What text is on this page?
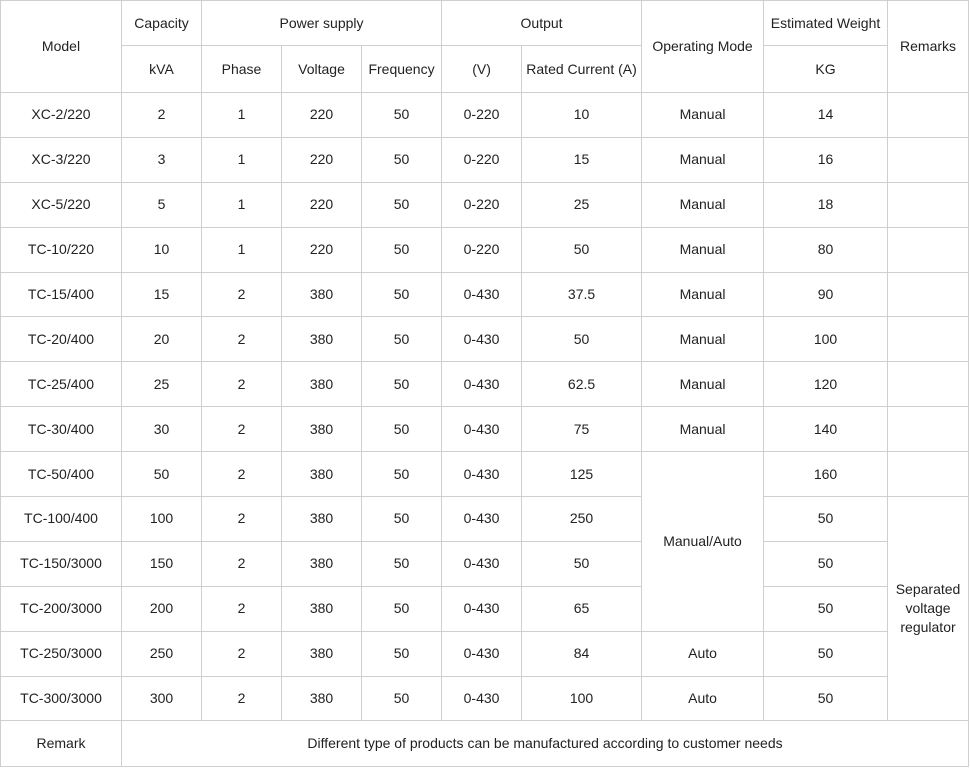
Model	Capacity	Power supply			Output		Operating Mode	Estimated Weight	Remarks
	kVA	Phase	Voltage	Frequency	(V)	Rated Current (A)		KG	
XC-2/220	2	1	220	50	0-220	10	Manual	14	
XC-3/220	3	1	220	50	0-220	15	Manual	16	
XC-5/220	5	1	220	50	0-220	25	Manual	18	
TC-10/220	10	1	220	50	0-220	50	Manual	80	
TC-15/400	15	2	380	50	0-430	37.5	Manual	90	
TC-20/400	20	2	380	50	0-430	50	Manual	100	
TC-25/400	25	2	380	50	0-430	62.5	Manual	120	
TC-30/400	30	2	380	50	0-430	75	Manual	140	
TC-50/400	50	2	380	50	0-430	125	Manual/Auto	160	
TC-100/400	100	2	380	50	0-430	250		50	Separated voltage regulator
TC-150/3000	150	2	380	50	0-430	50		50	
TC-200/3000	200	2	380	50	0-430	65		50	
TC-250/3000	250	2	380	50	0-430	84	Auto	50	
TC-300/3000	300	2	380	50	0-430	100	Auto	50	
Remark	Different type of products can be manufactured according to customer needs								
